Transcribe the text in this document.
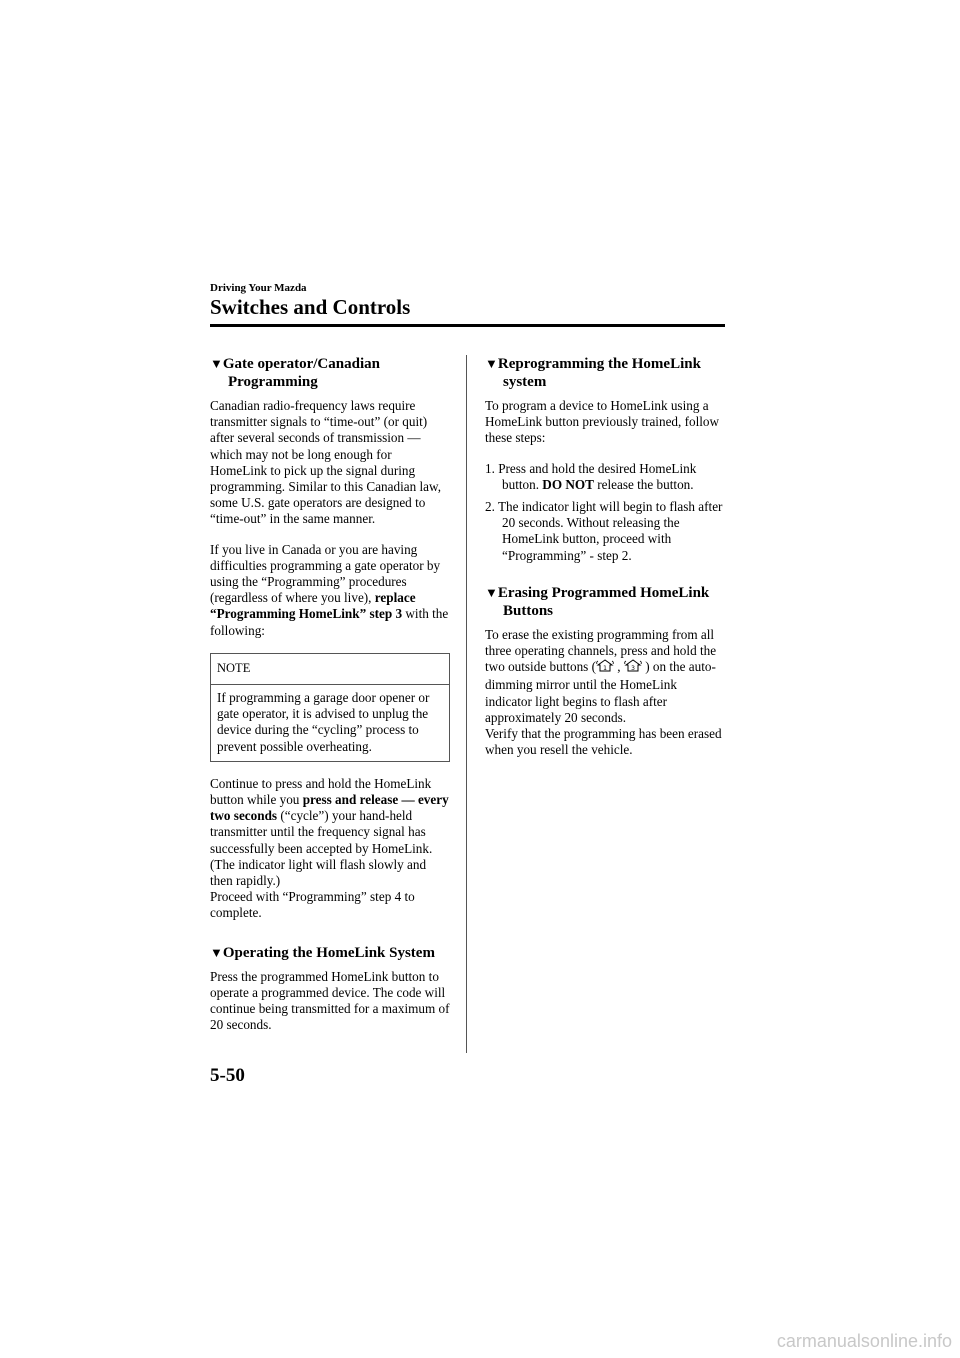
Driving Your Mazda
Switches and Controls
▼Gate operator/Canadian Programming

Canadian radio-frequency laws require transmitter signals to “time-out” (or quit) after several seconds of transmission ― which may not be long enough for HomeLink to pick up the signal during programming. Similar to this Canadian law, some U.S. gate operators are designed to “time-out” in the same manner.

If you live in Canada or you are having difficulties programming a gate operator by using the “Programming” procedures (regardless of where you live), replace “Programming HomeLink” step 3 with the following:

NOTE
If programming a garage door opener or gate operator, it is advised to unplug the device during the “cycling” process to prevent possible overheating.

Continue to press and hold the HomeLink button while you press and release ― every two seconds (“cycle”) your hand-held transmitter until the frequency signal has successfully been accepted by HomeLink. (The indicator light will flash slowly and then rapidly.)
Proceed with “Programming” step 4 to complete.

▼Operating the HomeLink System

Press the programmed HomeLink button to operate a programmed device. The code will continue being transmitted for a maximum of 20 seconds.

▼Reprogramming the HomeLink system

To program a device to HomeLink using a HomeLink button previously trained, follow these steps:

1. Press and hold the desired HomeLink button. DO NOT release the button.
2. The indicator light will begin to flash after 20 seconds. Without releasing the HomeLink button, proceed with “Programming” - step 2.
▼Erasing Programmed HomeLink Buttons

To erase the existing programming from all three operating channels, press and hold the two outside buttons ( 1 , 3 ) on the auto-dimming mirror until the HomeLink indicator light begins to flash after approximately 20 seconds.
Verify that the programming has been erased when you resell the vehicle.

5-50
carmanualsonline.info
